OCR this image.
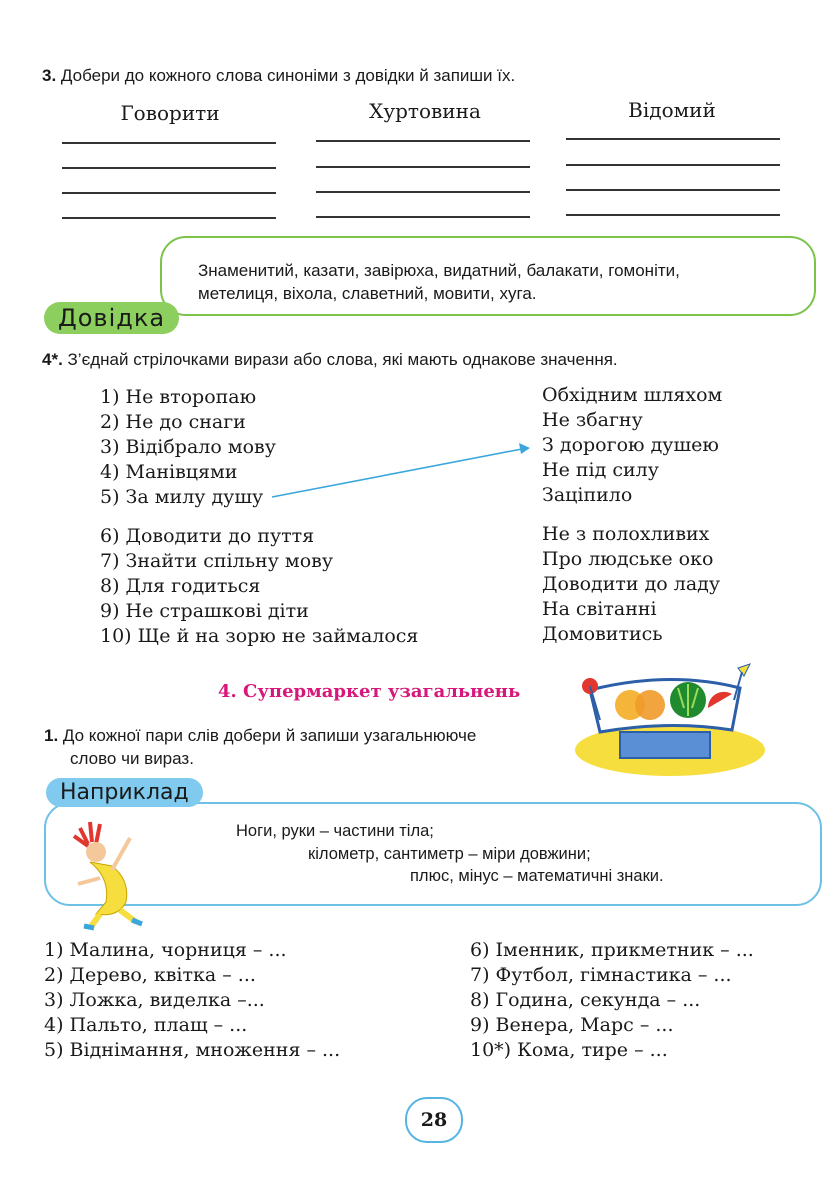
3. Добери до кожного слова синоніми з довідки й запиши їх.
Говорити	Хуртовина	Відомий
Знаменитий, казати, завірюха, видатний, балакати, гомоніти,
метелиця, віхола, славетний, мовити, хуга.
Довідка
4*. З’єднай стрілочками вирази або слова, які мають однакове значення.
1) Не второпаю
2) Не до снаги
3) Відібрало мову
4) Манівцями
5) За милу душу
Обхідним шляхом
Не збагну
З дорогою душею
Не під силу
Заціпило
6) Доводити до пуття
7) Знайти спільну мову
8) Для годиться
9) Не страшкові діти
10) Ще й на зорю не займалося
Не з полохливих
Про людське око
Доводити до ладу
На світанні
Домовитись
4. Супермаркет узагальнень
1. До кожної пари слів добери й запиши узагальнююче
слово чи вираз.
Наприклад
Ноги, руки – частини тіла;
кілометр, сантиметр – міри довжини;
плюс, мінус – математичні знаки.
1) Малина, чорниця – ...
2) Дерево, квітка – ...
3) Ложка, виделка –...
4) Пальто, плащ – ...
5) Віднімання, множення – ...
6) Іменник, прикметник – ...
7) Футбол, гімнастика – ...
8) Година, секунда – ...
9) Венера, Марс – ...
10*) Кома, тире – ...
28
